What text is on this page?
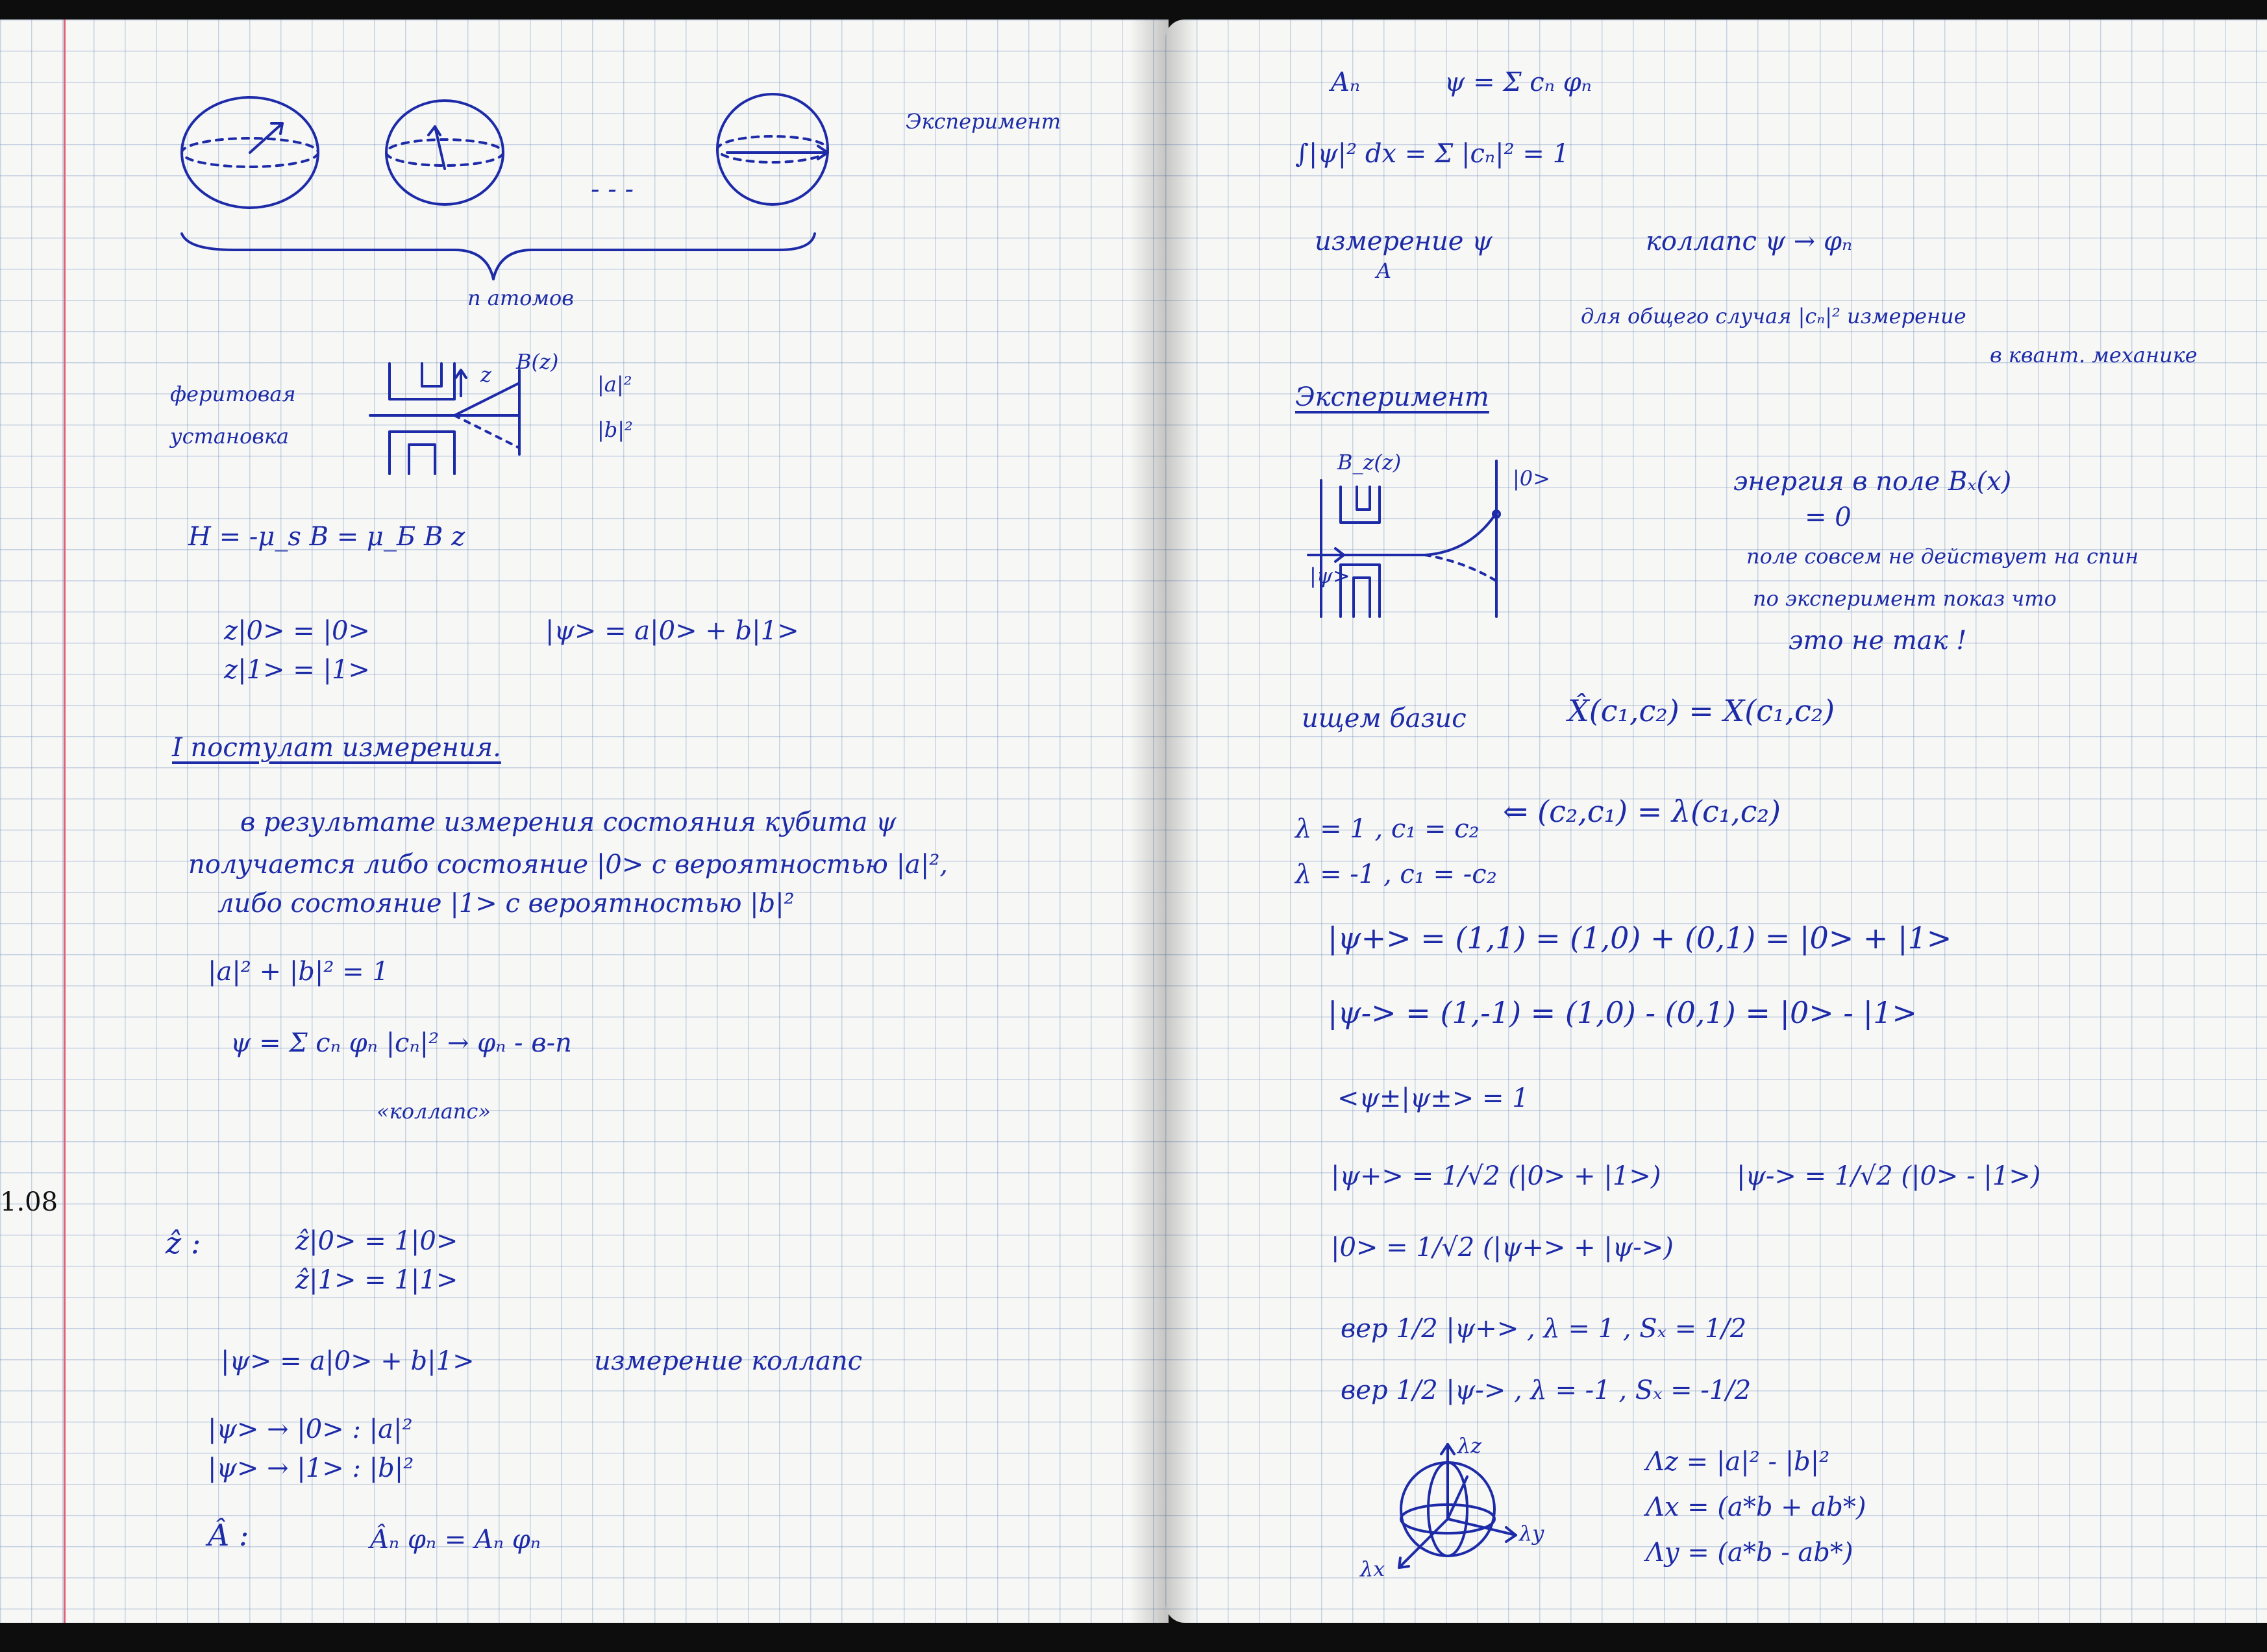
Эксперимент
- - -
n атомов
феритовая
установка
z
B(z)
|a|²
|b|²
H = -μ_s B = μ_Б B z
z|0> = |0>
z|1> = |1>
|ψ> = a|0> + b|1>
I постулат измерения.
в результате измерения состояния кубита ψ
получается либо состояние |0> с вероятностью |a|²,
либо состояние |1> с вероятностью |b|²
|a|² + |b|² = 1
ψ = Σ cₙ φₙ |cₙ|² → φₙ - в-п
«коллапс»
1.08
ẑ :	ẑ|0> = 1|0>
ẑ|1> = 1|1>
|ψ> = a|0> + b|1>	измерение коллапс
|ψ> → |0> : |a|²
|ψ> → |1> : |b|²
Â :	Âₙ φₙ = Aₙ φₙ
Aₙ	ψ = Σ cₙ φₙ
∫|ψ|² dx = Σ |cₙ|² = 1
измерение ψ
A
коллапс ψ → φₙ
для общего случая |cₙ|² измерение
в квант. механике
Эксперимент
B_z(z)
|ψ>
|0>	энергия в поле Bₓ(x)
= 0
поле совсем не действует на спин
по эксперимент показ что
это не так !
ищем базис	X̂(c₁,c₂) = X(c₁,c₂)
⇐ (c₂,c₁) = λ(c₁,c₂)
λ = 1 , c₁ = c₂
λ = -1 , c₁ = -c₂
|ψ+> = (1,1) = (1,0) + (0,1) = |0> + |1>
|ψ-> = (1,-1) = (1,0) - (0,1) = |0> - |1>
<ψ±|ψ±> = 1
|ψ+> = 1/√2 (|0> + |1>)	|ψ-> = 1/√2 (|0> - |1>)
|0> = 1/√2 (|ψ+> + |ψ->)
вер 1/2 |ψ+> , λ = 1 , Sₓ = 1/2
вер 1/2 |ψ-> , λ = -1 , Sₓ = -1/2
λz
λy
λx
Λz = |a|² - |b|²
Λx = (a*b + ab*)
Λy = (a*b - ab*)
